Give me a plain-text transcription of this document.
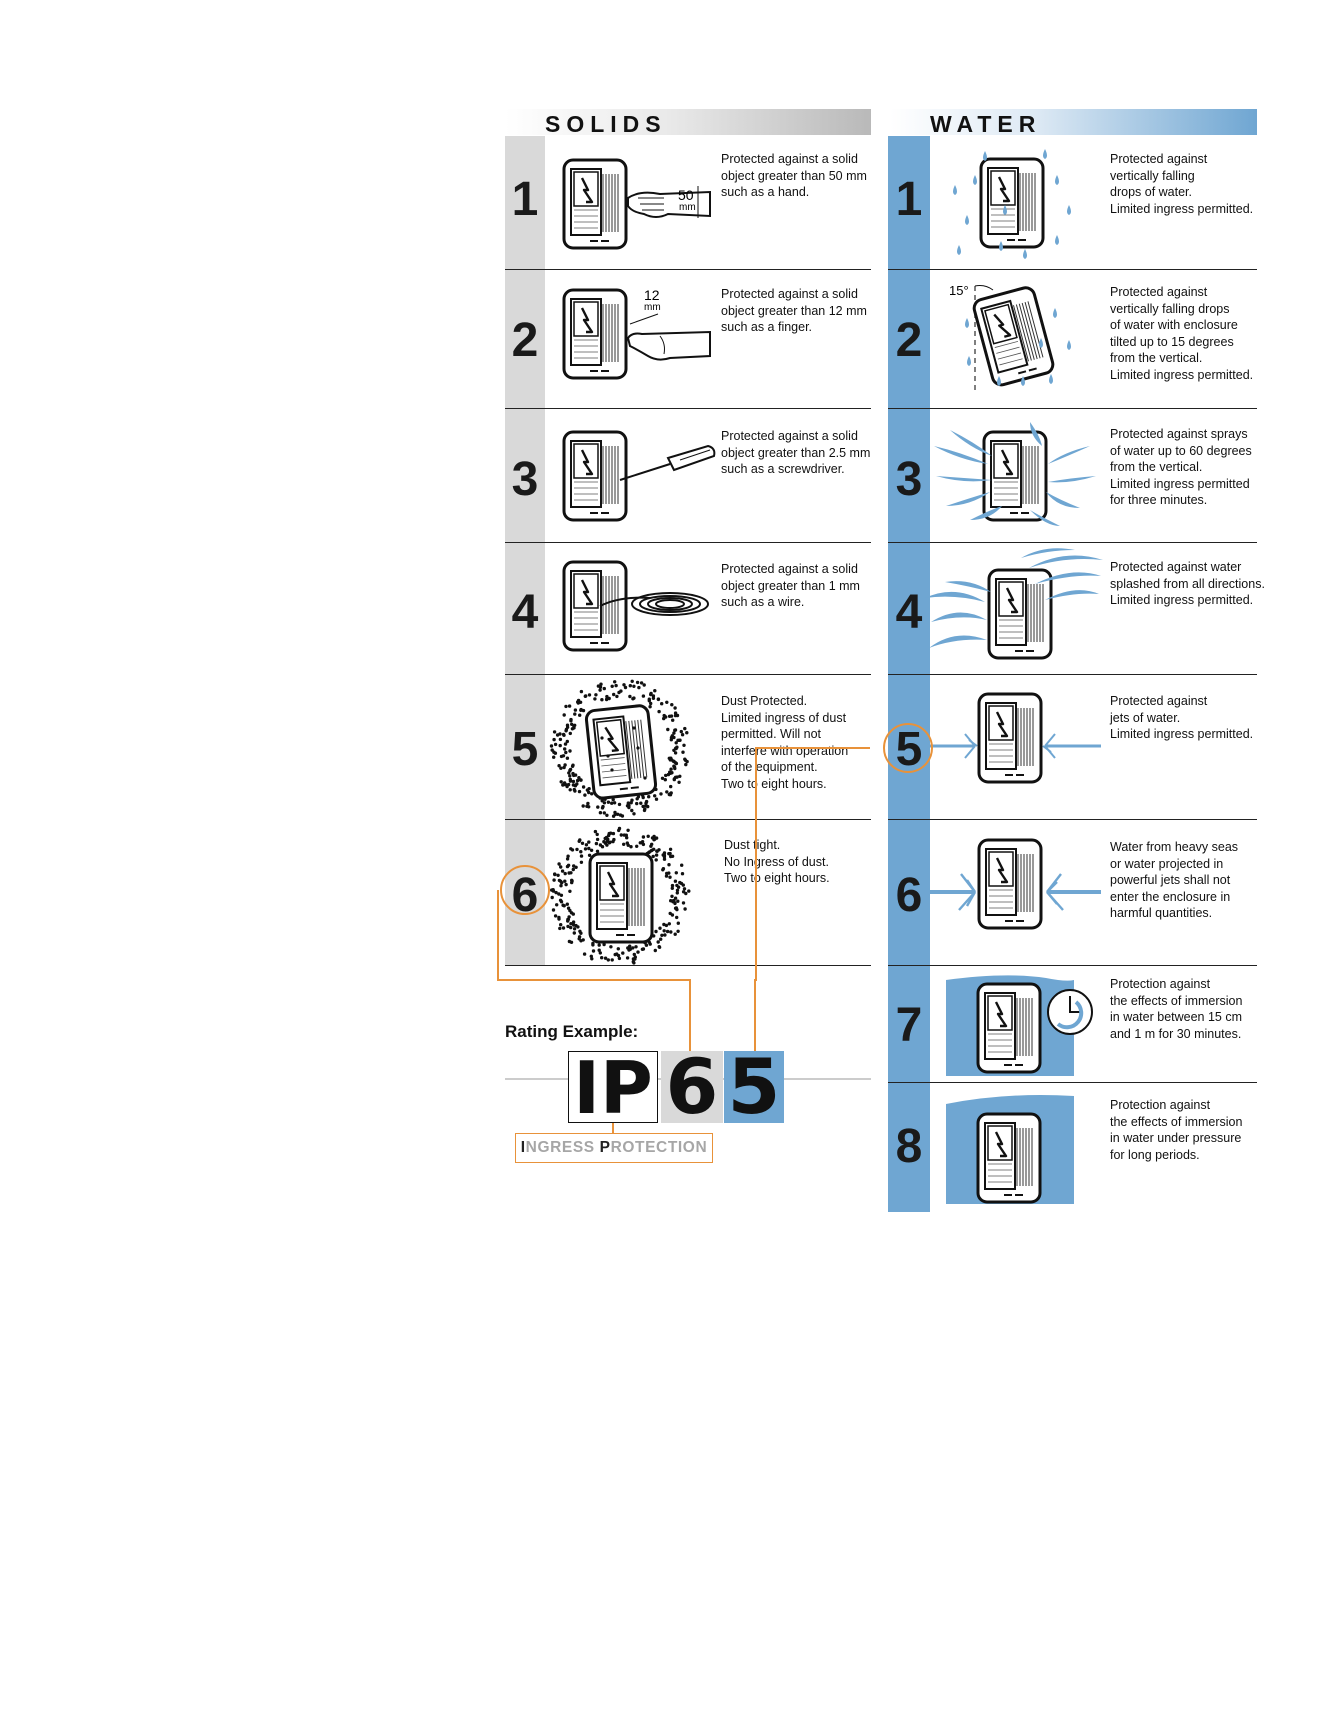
SOLIDS	WATER
1
2
3
4
5
6
1
2
3
4
5
6
7
8
Protected against a solid
object greater than 50 mm
such as a hand.
Protected against a solid
object greater than 12 mm
such as a finger.
Protected against a solid
object greater than 2.5 mm
such as a screwdriver.
Protected against a solid
object greater than 1 mm
such as a wire.
Dust Protected.
Limited ingress of dust
permitted. Will not
interfere with operation
of the equipment.
Two to eight hours.
Dust tight.
No Ingress of dust.
Two to eight hours.
Protected against
vertically falling
drops of water.
Limited ingress permitted.
Protected against
vertically falling drops
of water with enclosure
tilted up to 15 degrees
from the vertical.
Limited ingress permitted.
Protected against sprays
of water up to 60 degrees
from the vertical.
Limited ingress permitted
for three minutes.
Protected against water
splashed from all directions.
Limited ingress permitted.
Protected against
jets of water.
Limited ingress permitted.
Water from heavy seas
or water projected in
powerful jets shall not
enter the enclosure in
harmful quantities.
Protection against
the effects of immersion
in water between 15 cm
and 1 m for 30 minutes.
Protection against
the effects of immersion
in water under pressure
for long periods.
50
mm
12
mm
15°
Rating Example:
IP 6 5
INGRESS PROTECTION
